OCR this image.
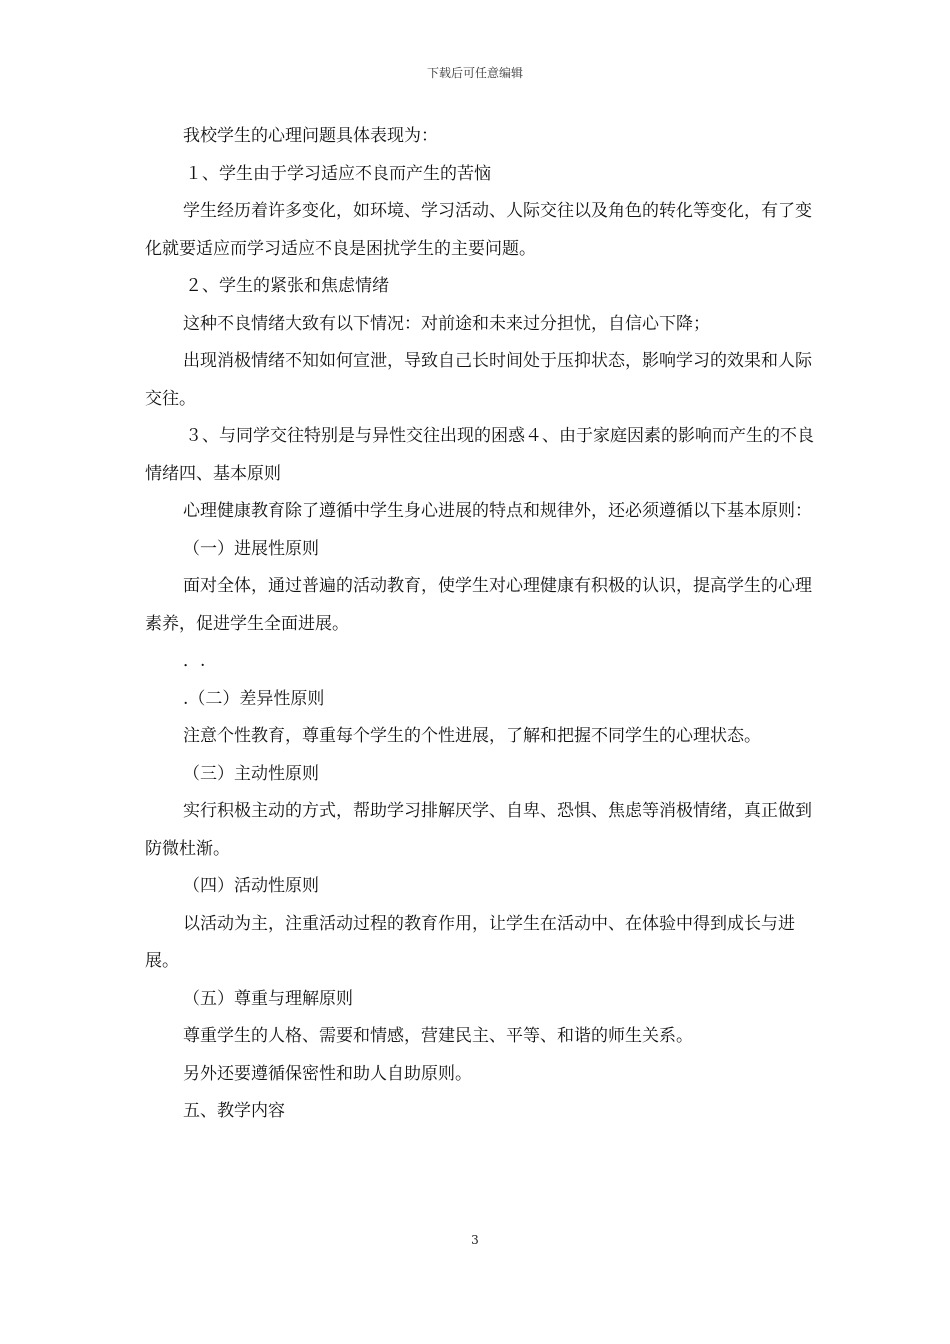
下载后可任意编辑

我校学生的心理问题具体表现为：

１、学生由于学习适应不良而产生的苦恼

学生经历着许多变化，如环境、学习活动、人际交往以及角色的转化等变化，有了变化就要适应而学习适应不良是困扰学生的主要问题。

２、学生的紧张和焦虑情绪

这种不良情绪大致有以下情况：对前途和未来过分担忧，自信心下降；

出现消极情绪不知如何宣泄，导致自己长时间处于压抑状态，影响学习的效果和人际交往。

３、与同学交往特别是与异性交往出现的困惑４、由于家庭因素的影响而产生的不良情绪四、基本原则

心理健康教育除了遵循中学生身心进展的特点和规律外，还必须遵循以下基本原则：

（一）进展性原则

面对全体，通过普遍的活动教育，使学生对心理健康有积极的认识，提高学生的心理素养，促进学生全面进展。

．.

.（二）差异性原则

注意个性教育，尊重每个学生的个性进展，了解和把握不同学生的心理状态。

（三）主动性原则

实行积极主动的方式，帮助学习排解厌学、自卑、恐惧、焦虑等消极情绪，真正做到防微杜渐。

（四）活动性原则

以活动为主，注重活动过程的教育作用，让学生在活动中、在体验中得到成长与进展。

（五）尊重与理解原则

尊重学生的人格、需要和情感，营建民主、平等、和谐的师生关系。

另外还要遵循保密性和助人自助原则。

五、教学内容

3
